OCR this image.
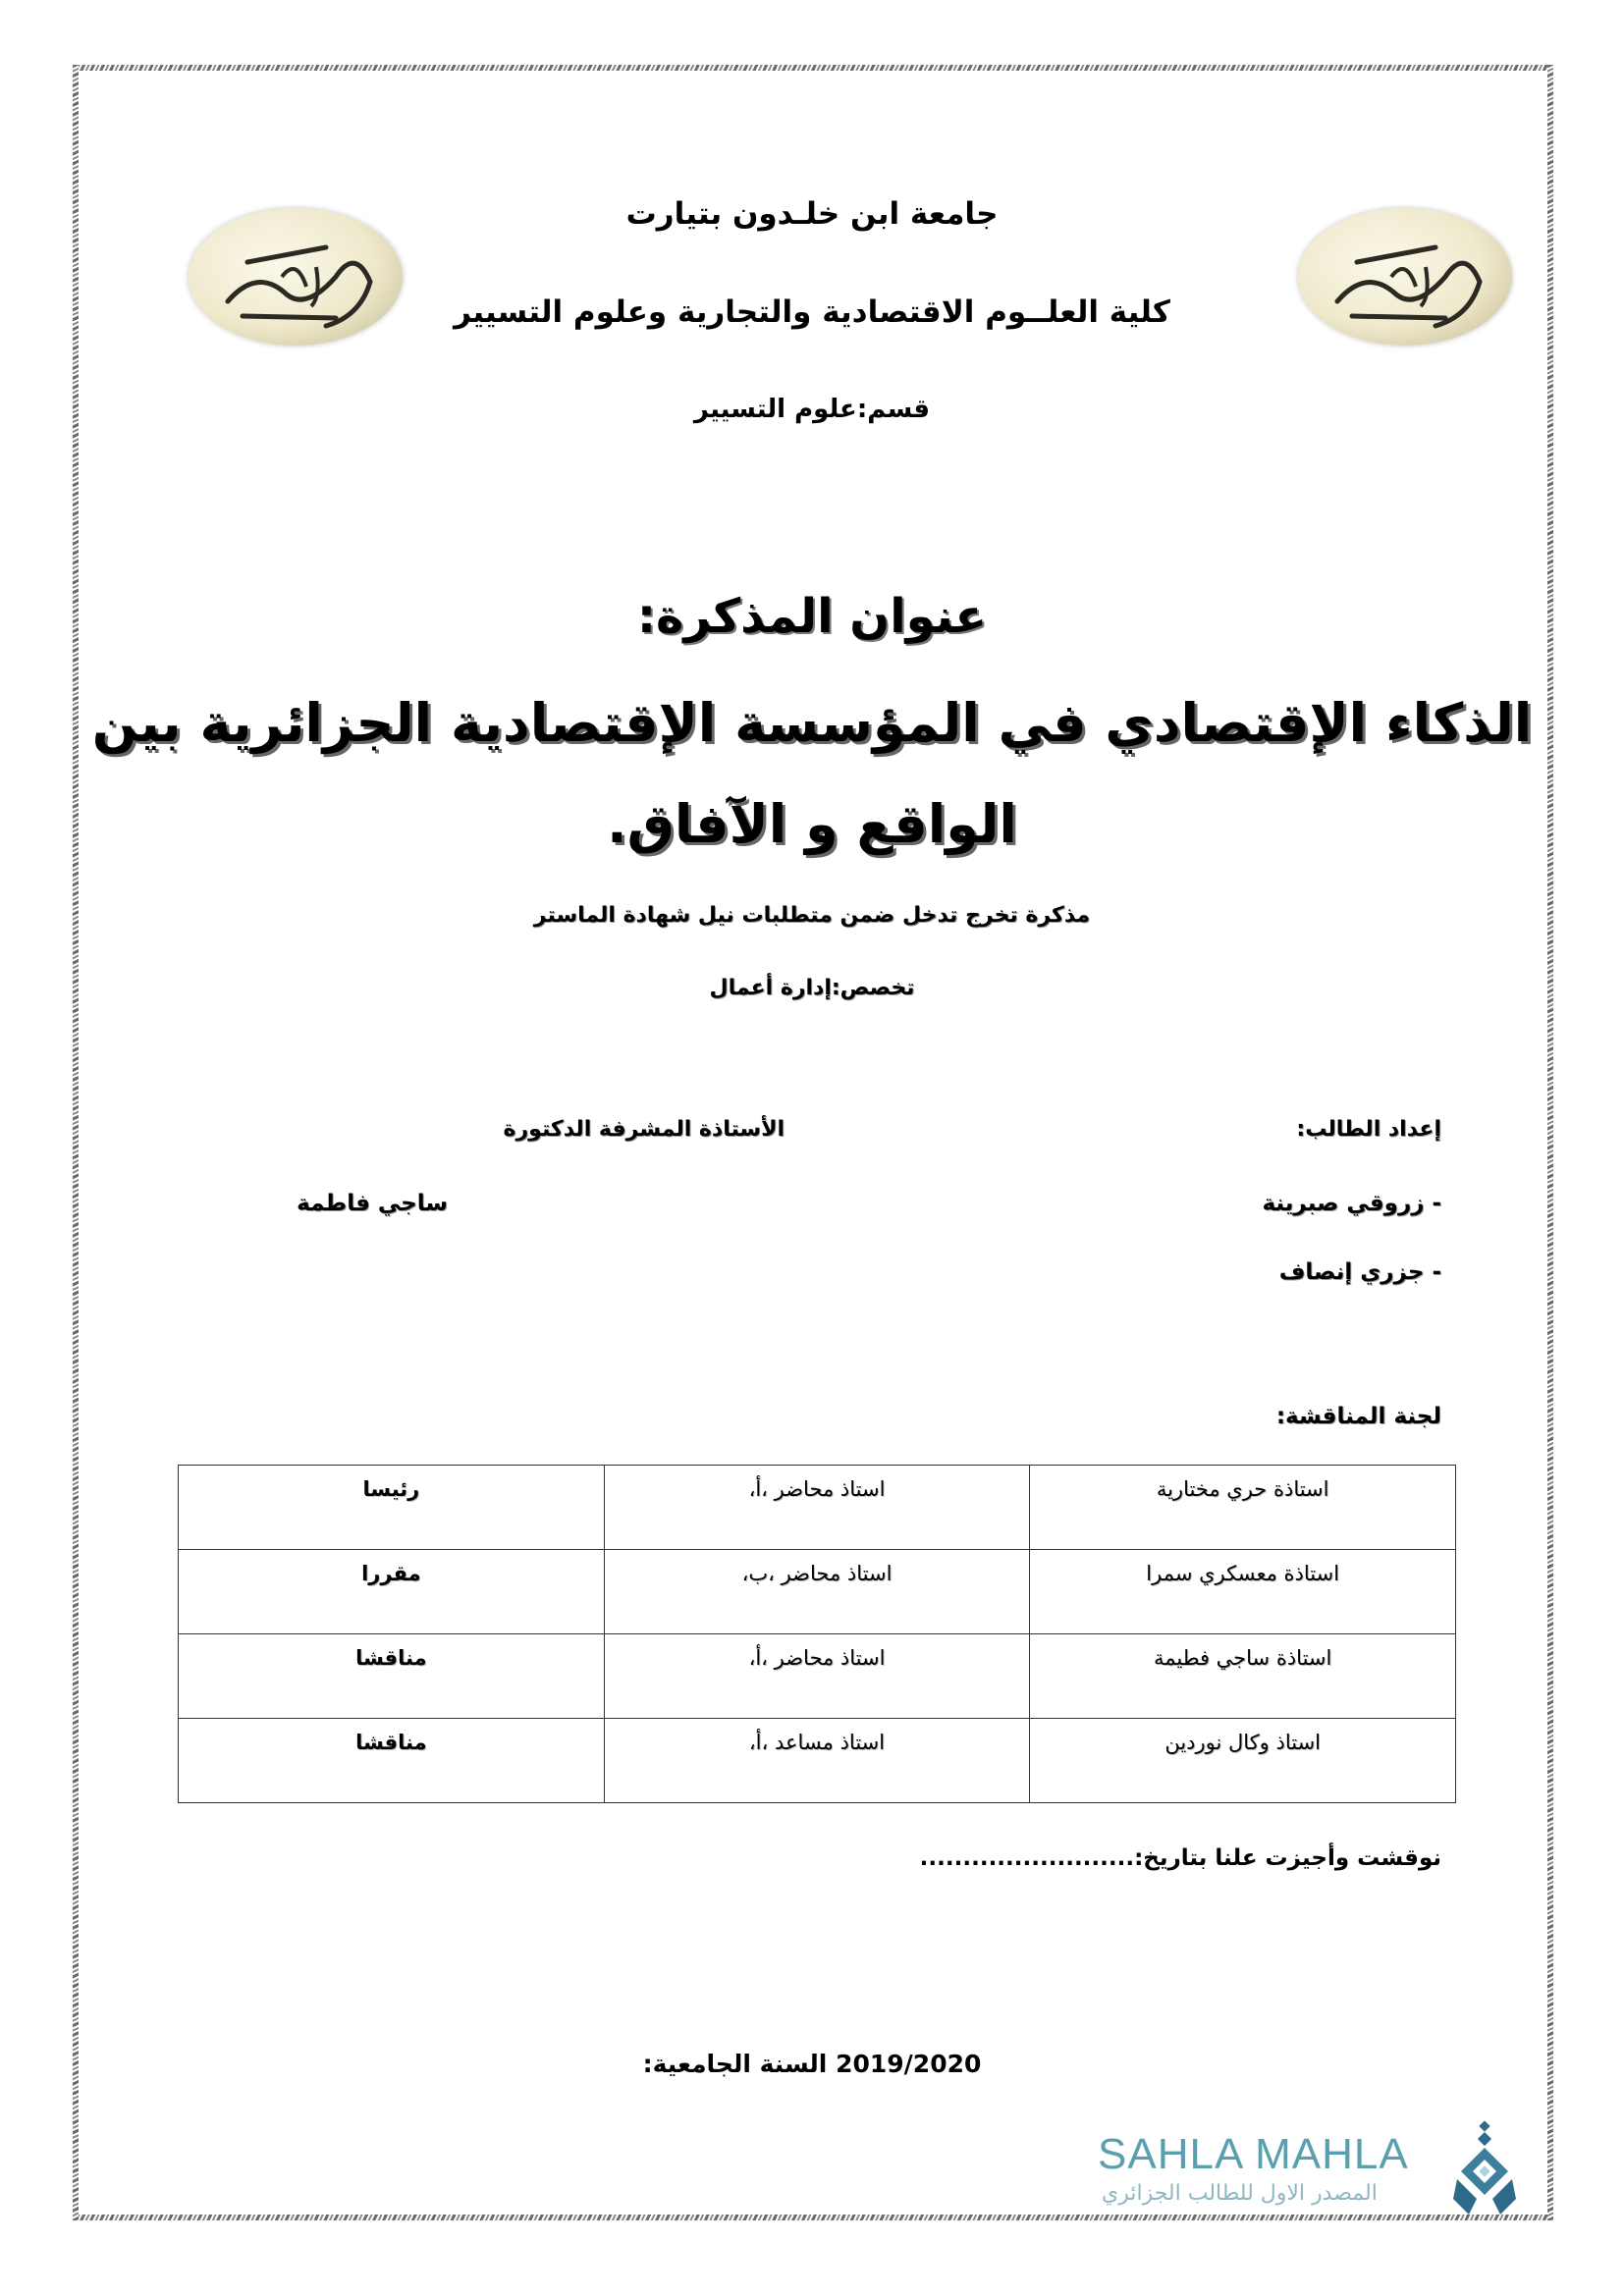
جامعة ابن خلـدون بتيارت
كلية العلــوم الاقتصادية والتجارية وعلوم التسيير
قسم:علوم التسيير
عنوان المذكرة:
الذكاء الإقتصادي في المؤسسة الإقتصادية الجزائرية بين
الواقع و الآفاق.
مذكرة تخرج تدخل ضمن متطلبات نيل شهادة الماستر
تخصص:إدارة أعمال
إعداد الطالب:
الأستاذة المشرفة الدكتورة
- زروقي صبرينة
- جزري إنصاف
ساجي فاطمة
لجنة المناقشة:
استاذة حري مختارية	استاذ محاضر ،أ،	رئيسا
استاذة معسكري سمرا	استاذ محاضر ،ب،	مقررا
استاذة ساجي فطيمة	استاذ محاضر ،أ،	مناقشا
استاذ وكال نوردين	استاذ مساعد ،أ،	مناقشا
نوقشت وأجيزت علنا بتاريخ:.........................
السنة الجامعية: 2019/2020
SAHLA MAHLA
المصدر الاول للطالب الجزائري
